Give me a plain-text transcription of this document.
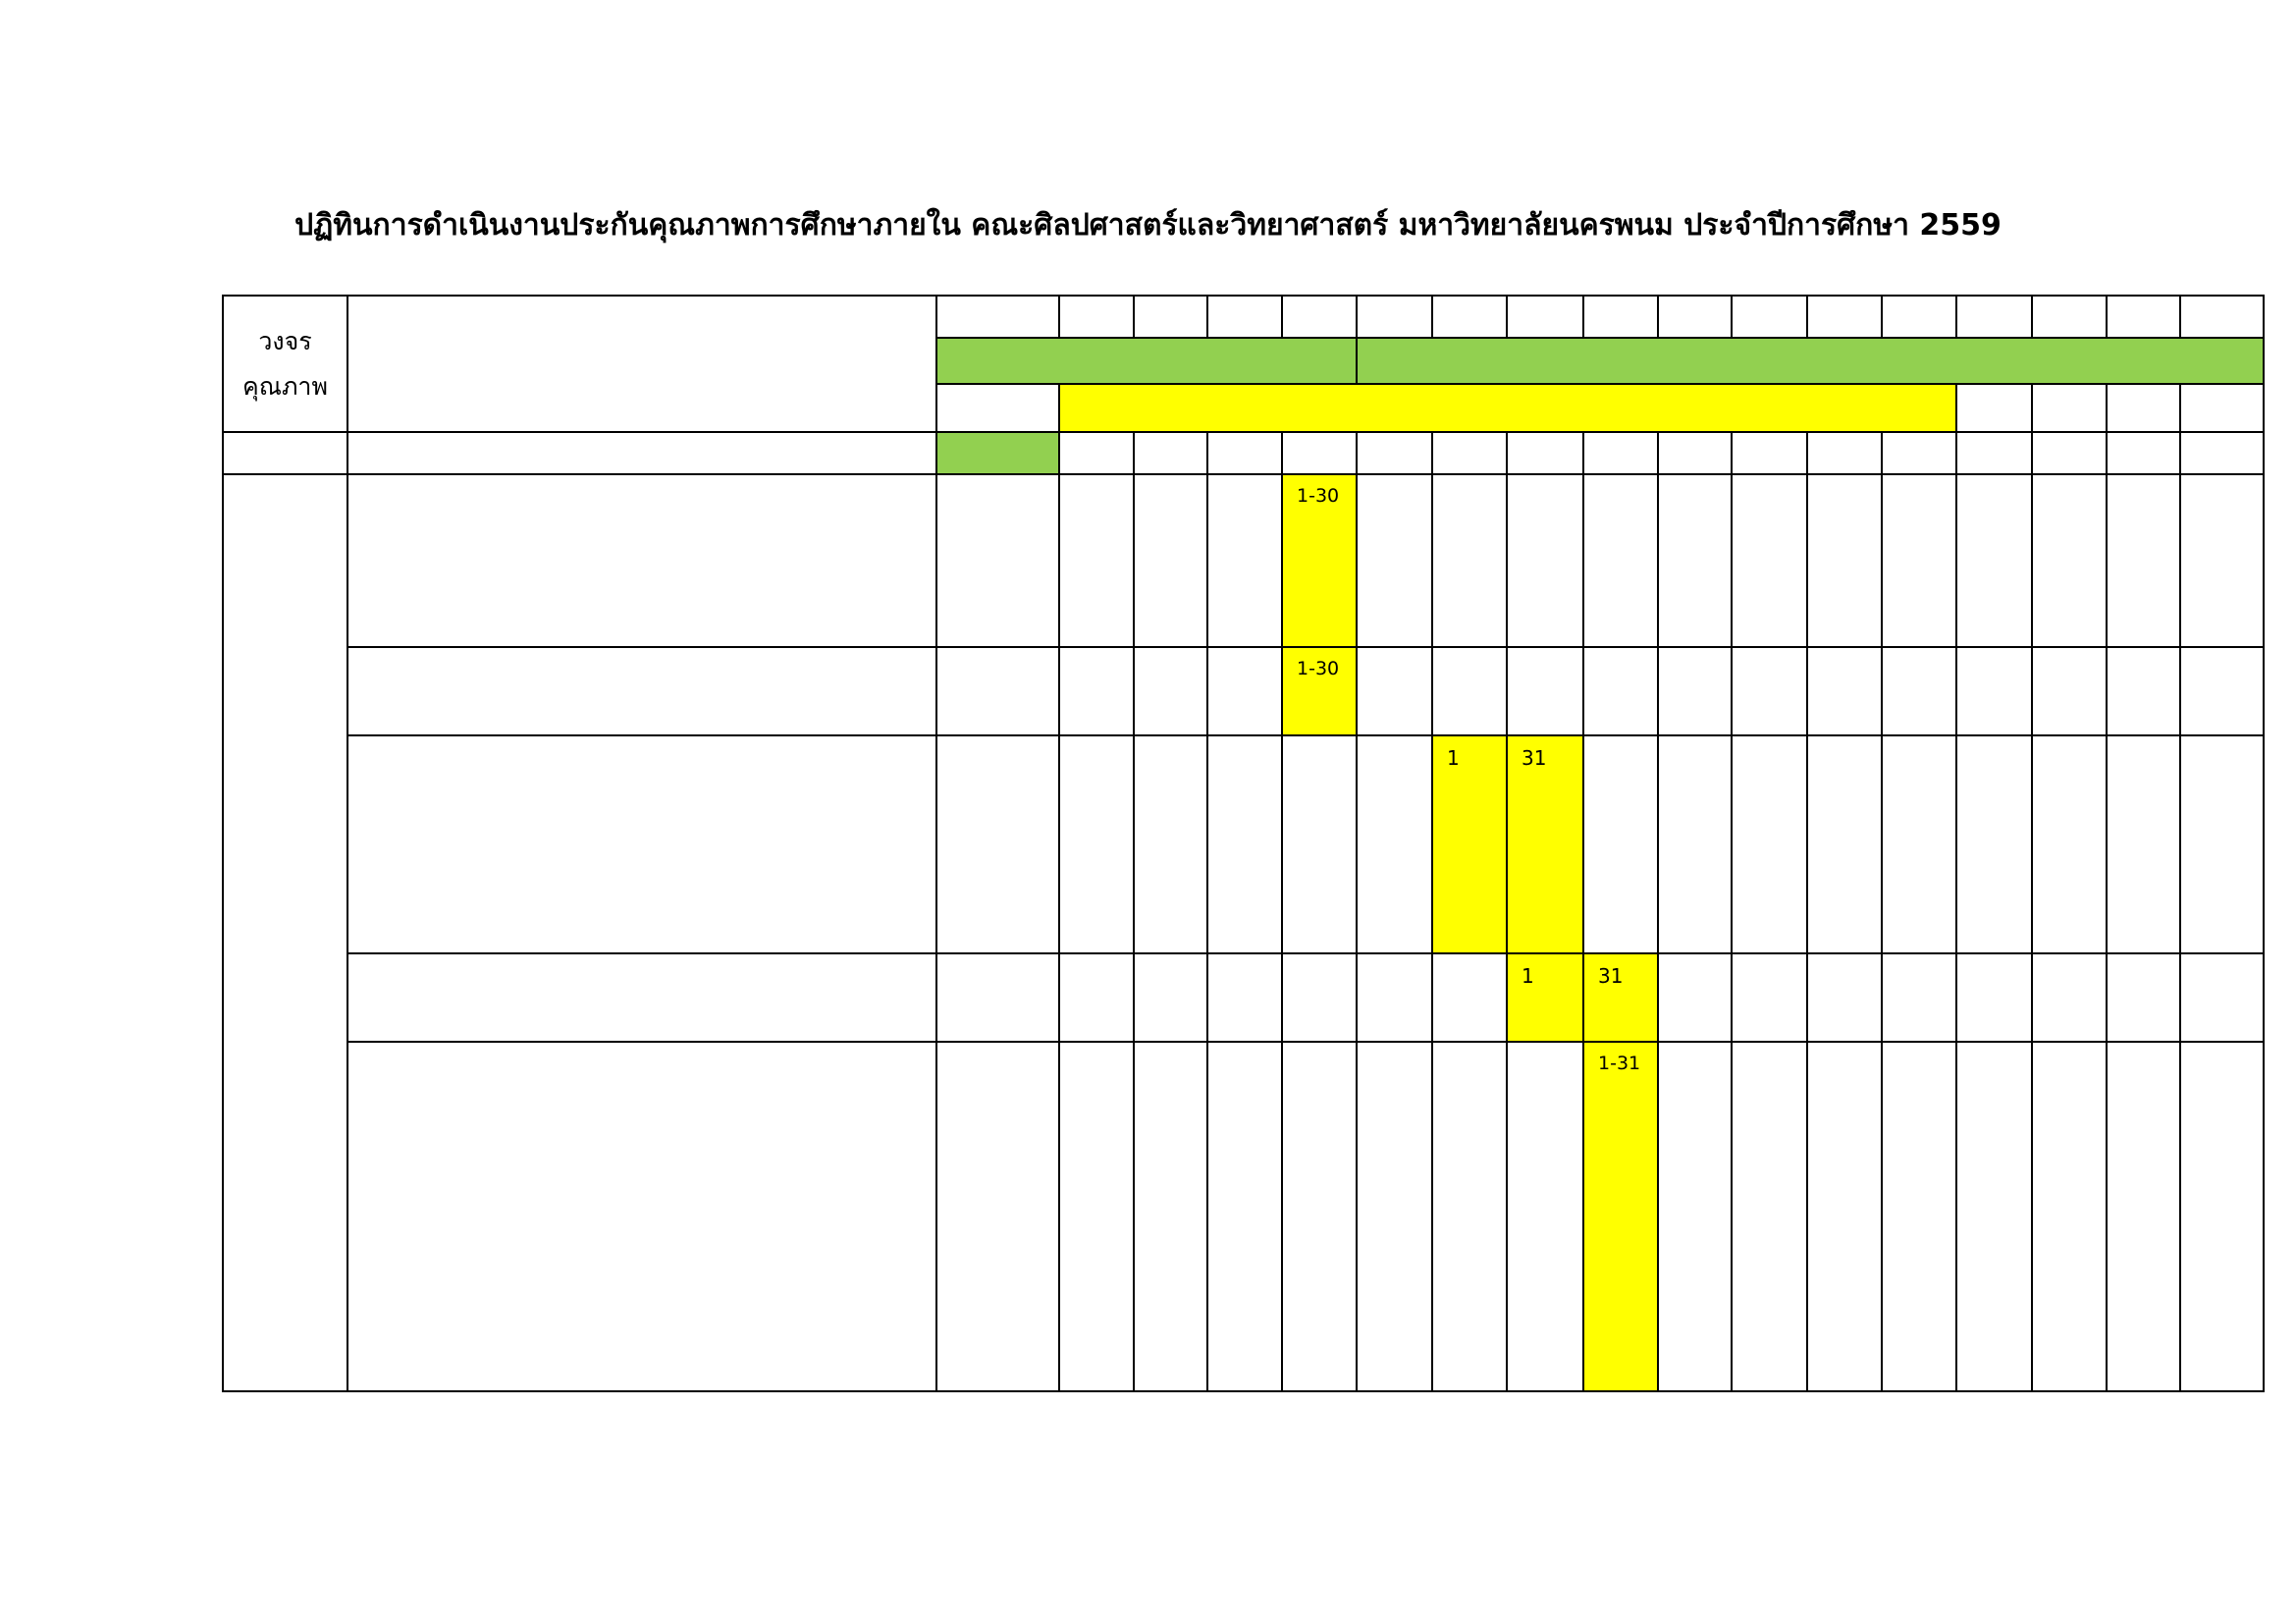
ปฏิทินการดำเนินงานประกันคุณภาพการศึกษาภายใน คณะศิลปศาสตร์และวิทยาศาสตร์ มหาวิทยาลัยนครพนม ประจำปีการศึกษา 2559
วงจร
คุณภาพ																		

						1-30												

						1-30												

								1	31									

									1	31								

										1-31								
